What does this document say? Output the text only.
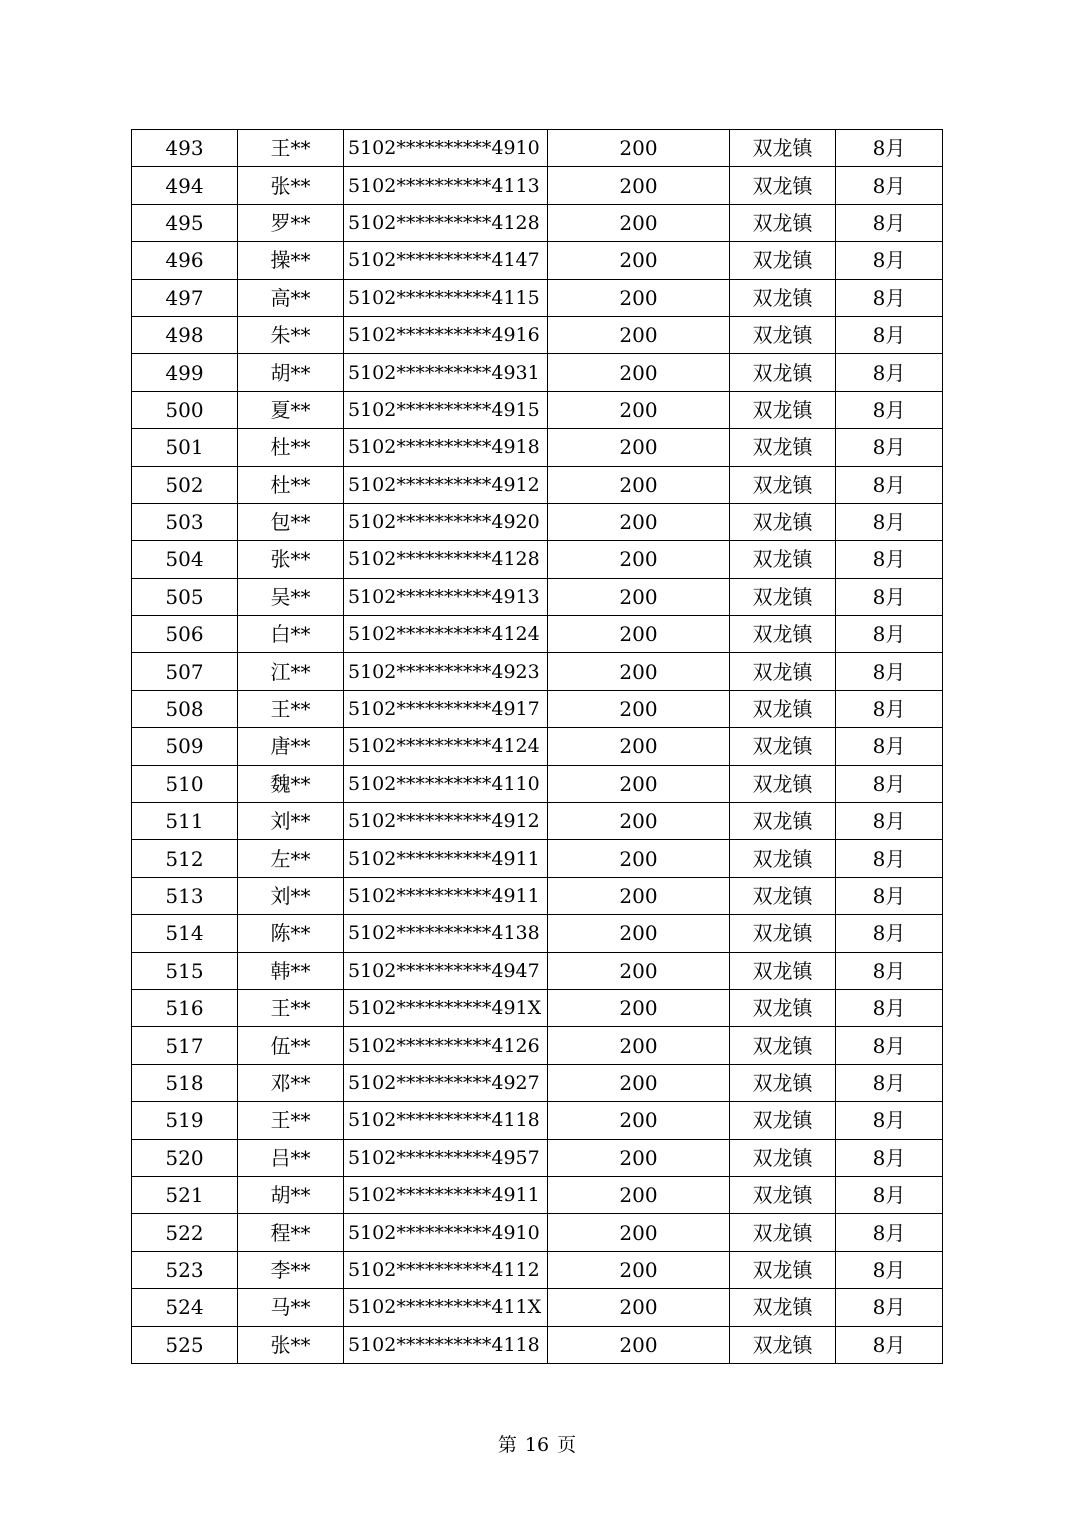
493	王**	5102**********4910	200	双龙镇	8月
494	张**	5102**********4113	200	双龙镇	8月
495	罗**	5102**********4128	200	双龙镇	8月
496	操**	5102**********4147	200	双龙镇	8月
497	高**	5102**********4115	200	双龙镇	8月
498	朱**	5102**********4916	200	双龙镇	8月
499	胡**	5102**********4931	200	双龙镇	8月
500	夏**	5102**********4915	200	双龙镇	8月
501	杜**	5102**********4918	200	双龙镇	8月
502	杜**	5102**********4912	200	双龙镇	8月
503	包**	5102**********4920	200	双龙镇	8月
504	张**	5102**********4128	200	双龙镇	8月
505	吴**	5102**********4913	200	双龙镇	8月
506	白**	5102**********4124	200	双龙镇	8月
507	江**	5102**********4923	200	双龙镇	8月
508	王**	5102**********4917	200	双龙镇	8月
509	唐**	5102**********4124	200	双龙镇	8月
510	魏**	5102**********4110	200	双龙镇	8月
511	刘**	5102**********4912	200	双龙镇	8月
512	左**	5102**********4911	200	双龙镇	8月
513	刘**	5102**********4911	200	双龙镇	8月
514	陈**	5102**********4138	200	双龙镇	8月
515	韩**	5102**********4947	200	双龙镇	8月
516	王**	5102**********491X	200	双龙镇	8月
517	伍**	5102**********4126	200	双龙镇	8月
518	邓**	5102**********4927	200	双龙镇	8月
519	王**	5102**********4118	200	双龙镇	8月
520	吕**	5102**********4957	200	双龙镇	8月
521	胡**	5102**********4911	200	双龙镇	8月
522	程**	5102**********4910	200	双龙镇	8月
523	李**	5102**********4112	200	双龙镇	8月
524	马**	5102**********411X	200	双龙镇	8月
525	张**	5102**********4118	200	双龙镇	8月
第 16 页
